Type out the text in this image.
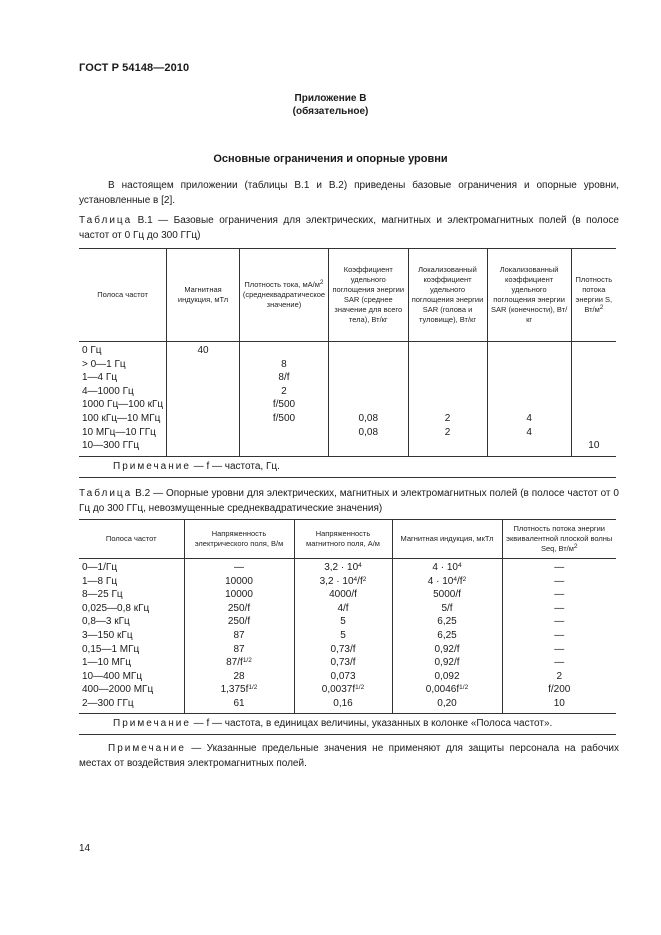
ГОСТ Р 54148—2010
Приложение В
(обязательное)
Основные ограничения и опорные уровни
В настоящем приложении (таблицы В.1 и В.2) приведены базовые ограничения и опорные уровни, установленные в [2].
Таблица В.1 — Базовые ограничения для электрических, магнитных и электромагнитных полей (в полосе частот от 0 Гц до 300 ГГц)
Полоса частот	Магнитная индукция, мТл	Плотность тока, $мА/м^2$ (среднеквадратическое значение)	Коэффициент удельного поглощения энергии SAR (среднее значение для всего тела), Вт/кг	Локализованный коэффициент удельного поглощения энергии SAR (голова и туловище), Вт/кг	Локализованный коэффициент удельного поглощения энергии SAR (конечности), Вт/кг	Плотность потока энергии S, $Вт/м^2$

0 Гц	40					
> 0—1 Гц		8				
1—4 Гц		8/f				
4—1000 Гц		2				
1000 Гц—100 кГц		f/500				
100 кГц—10 МГц		f/500	0,08	2	4	
10 МГц—10 ГГц			0,08	2	4	
10—300 ГГц						10
Примечание — f — частота, Гц.						
Таблица В.2 — Опорные уровни для электрических, магнитных и электромагнитных полей (в полосе частот от 0 Гц до 300 ГГц, невозмущенные среднеквадратические значения)
Полоса частот	Напряженность электрического поля, В/м	Напряженность магнитного поля, А/м	Магнитная индукция, мкТл	Плотность потока энергии эквивалентной плоской волны Seq, $Вт/м^2$

0—1/Гц	—	$3,2 \cdot 10^4$	$4 \cdot 10^4$	—
1—8 Гц	10000	$3,2 \cdot 10^4/f^2$	$4 \cdot 10^4/f^2$	—
8—25 Гц	10000	4000/f	5000/f	—
0,025—0,8 кГц	250/f	4/f	5/f	—
0,8—3 кГц	250/f	5	6,25	—
3—150 кГц	87	5	6,25	—
0,15—1 МГц	87	0,73/f	0,92/f	—
1—10 МГц	$87/f^{1/2}$	0,73/f	0,92/f	—
10—400 МГц	28	0,073	0,092	2
400—2000 МГц	$1,375f^{1/2}$	$0,0037f^{1/2}$	$0,0046f^{1/2}$	f/200
2—300 ГГц	61	0,16	0,20	10
Примечание — f — частота, в единицах величины, указанных в колонке «Полоса частот».				
Примечание — Указанные предельные значения не применяют для защиты персонала на рабочих местах от воздействия электромагнитных полей.
14
